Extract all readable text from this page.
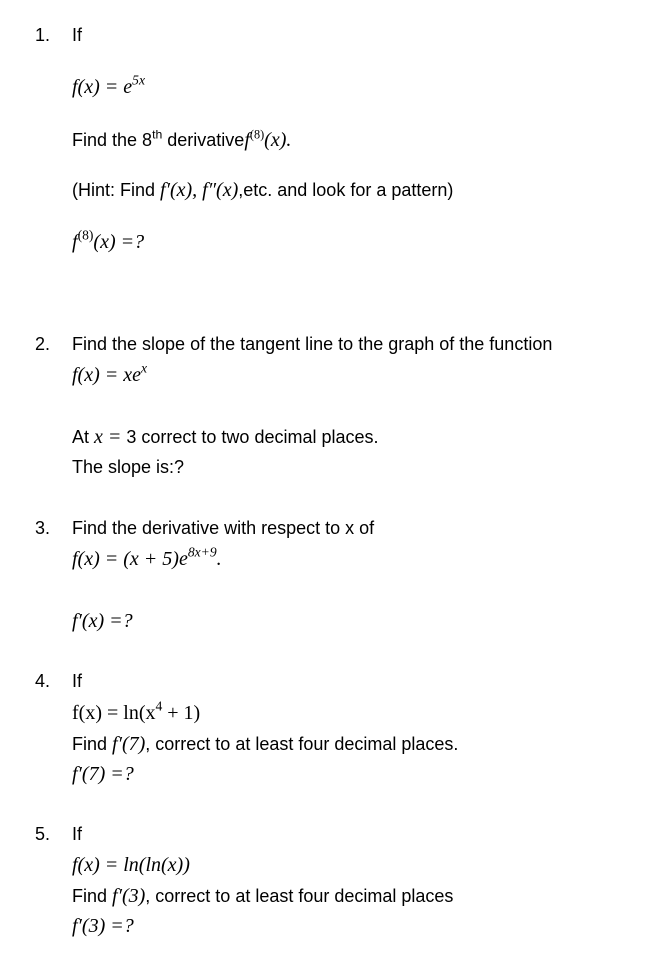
1. If
$f(x) = e^{5x}$
Find the 8th derivativef$^{(8)}$(x).
(Hint: Find f′(x), f″(x),etc. and look for a pattern)
$f^{(8)}(x)$ =?
2. Find the slope of the tangent line to the graph of the function
$f(x) = xe^x$
At x = 3 correct to two decimal places.
The slope is:?
3. Find the derivative with respect to x of
$f(x) = (x + 5)e^{8x+9}$.
f′(x) =?
4. If
$f(x) = \ln(x^4 + 1)$
Find f′(7), correct to at least four decimal places.
f′(7) =?
5. If
f(x) = ln(ln(x))
Find f′(3), correct to at least four decimal places
f′(3) =?
